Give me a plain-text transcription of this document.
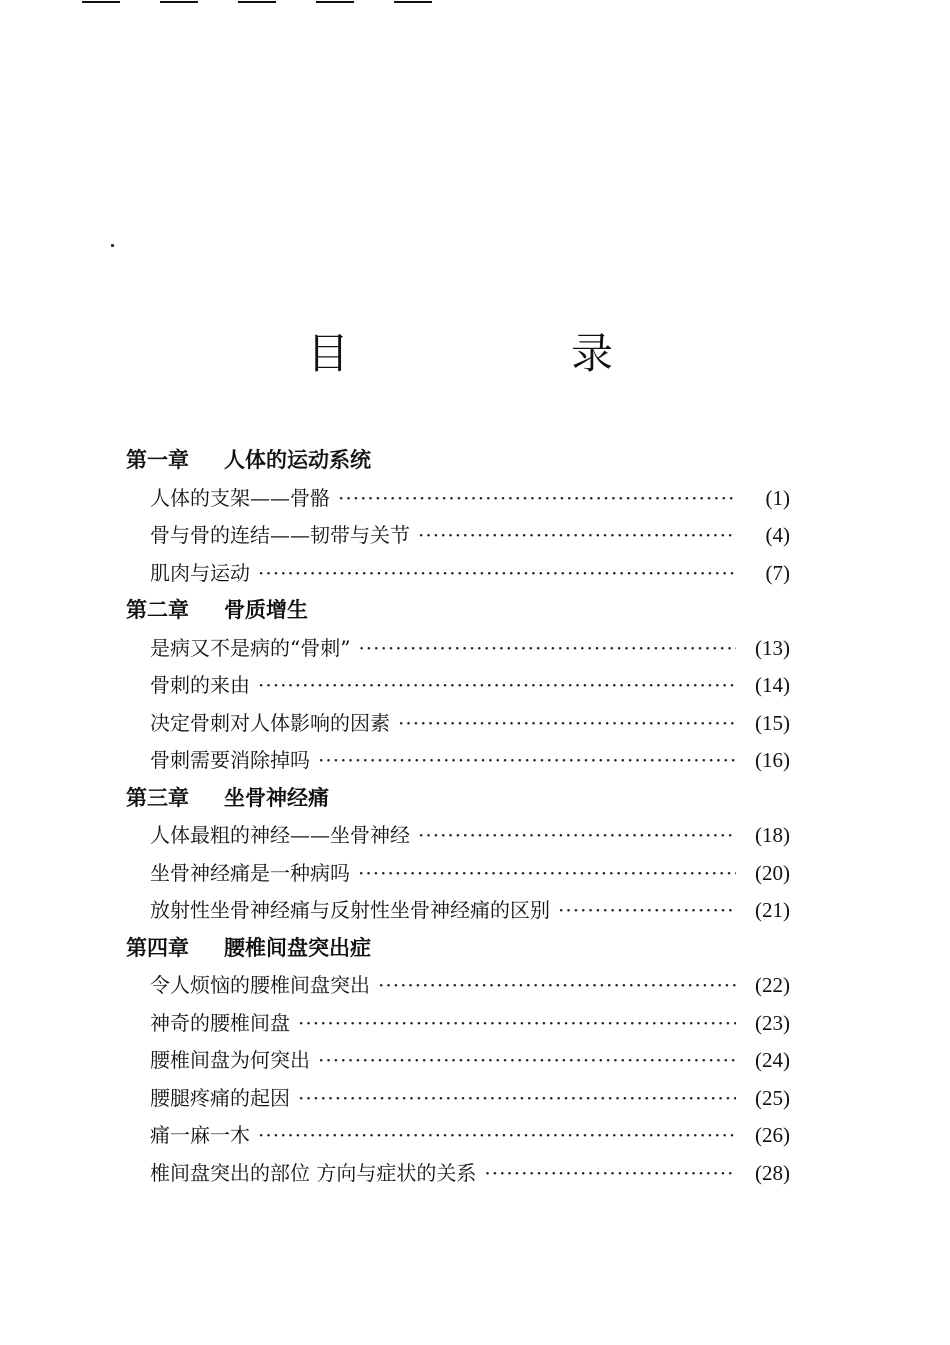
目　录
第一章 人体的运动系统
人体的支架——骨骼 ·····	(1)
骨与骨的连结——韧带与关节 ·····	(4)
肌肉与运动 ·····	(7)
第二章 骨质增生
是病又不是病的“骨刺” ·····	(13)
骨刺的来由 ·····	(14)
决定骨刺对人体影响的因素 ·····	(15)
骨刺需要消除掉吗 ·····	(16)
第三章 坐骨神经痛
人体最粗的神经——坐骨神经 ·····	(18)
坐骨神经痛是一种病吗 ·····	(20)
放射性坐骨神经痛与反射性坐骨神经痛的区别 ·····	(21)
第四章 腰椎间盘突出症
令人烦恼的腰椎间盘突出 ·····	(22)
神奇的腰椎间盘 ·····	(23)
腰椎间盘为何突出 ·····	(24)
腰腿疼痛的起因 ·····	(25)
痛一麻一木 ·····	(26)
椎间盘突出的部位 方向与症状的关系 ·····	(28)
